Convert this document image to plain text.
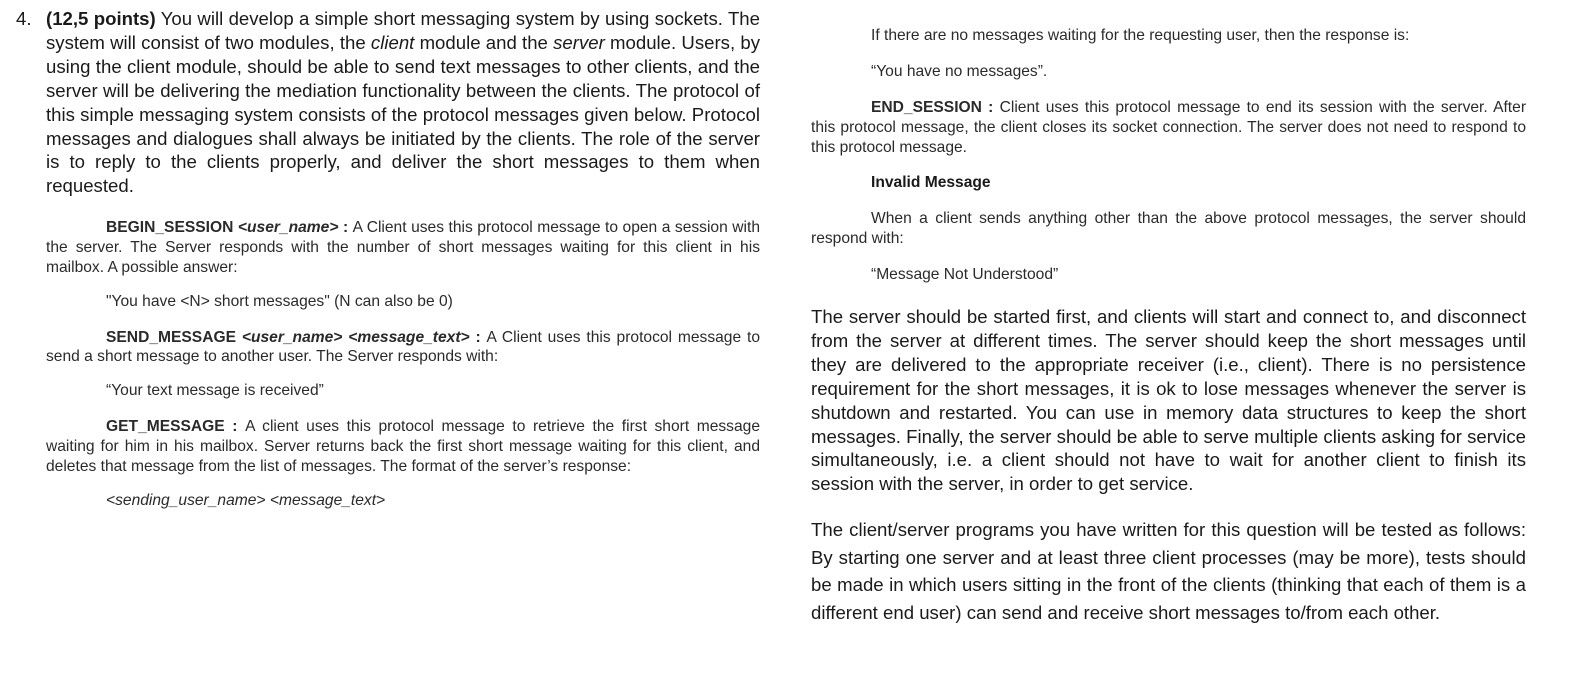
4. (12,5 points) You will develop a simple short messaging system by using sockets. The system will consist of two modules, the client module and the server module. Users, by using the client module, should be able to send text messages to other clients, and the server will be delivering the mediation functionality between the clients. The protocol of this simple messaging system consists of the protocol messages given below. Protocol messages and dialogues shall always be initiated by the clients. The role of the server is to reply to the clients properly, and deliver the short messages to them when requested.

BEGIN_SESSION <user_name> : A Client uses this protocol message to open a session with the server. The Server responds with the number of short messages waiting for this client in his mailbox. A possible answer:

"You have <N> short messages" (N can also be 0)

SEND_MESSAGE <user_name> <message_text> : A Client uses this protocol message to send a short message to another user. The Server responds with:

“Your text message is received”

GET_MESSAGE : A client uses this protocol message to retrieve the first short message waiting for him in his mailbox. Server returns back the first short message waiting for this client, and deletes that message from the list of messages. The format of the server’s response:

<sending_user_name> <message_text>

If there are no messages waiting for the requesting user, then the response is:

“You have no messages”.

END_SESSION : Client uses this protocol message to end its session with the server. After this protocol message, the client closes its socket connection. The server does not need to respond to this protocol message.

Invalid Message

When a client sends anything other than the above protocol messages, the server should respond with:

“Message Not Understood”

The server should be started first, and clients will start and connect to, and disconnect from the server at different times. The server should keep the short messages until they are delivered to the appropriate receiver (i.e., client). There is no persistence requirement for the short messages, it is ok to lose messages whenever the server is shutdown and restarted. You can use in memory data structures to keep the short messages. Finally, the server should be able to serve multiple clients asking for service simultaneously, i.e. a client should not have to wait for another client to finish its session with the server, in order to get service.

The client/server programs you have written for this question will be tested as follows: By starting one server and at least three client processes (may be more), tests should be made in which users sitting in the front of the clients (thinking that each of them is a different end user) can send and receive short messages to/from each other.
